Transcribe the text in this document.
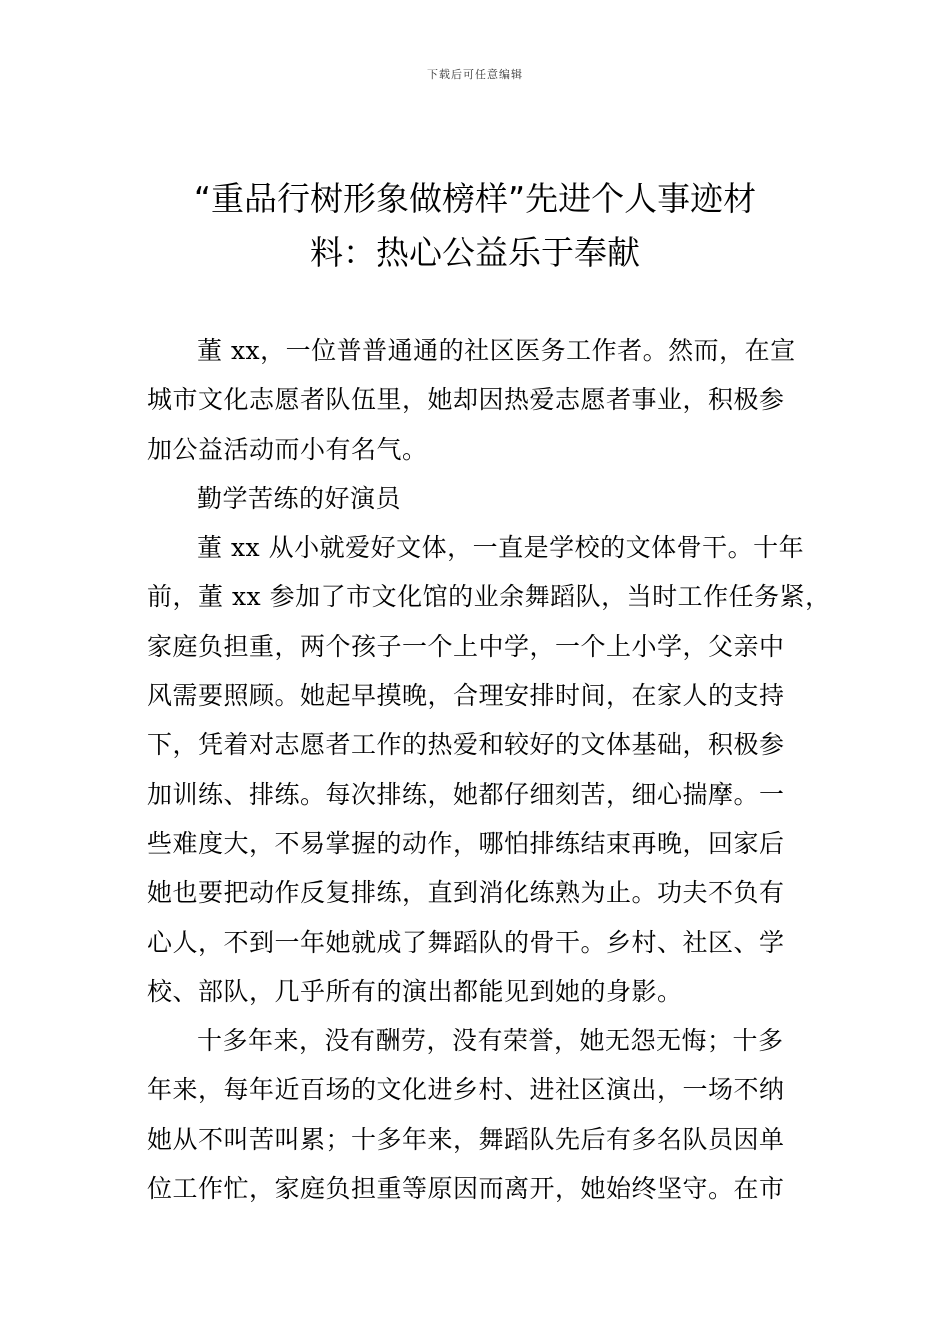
下载后可任意编辑
“重品行树形象做榜样”先进个人事迹材
料：热心公益乐于奉献
董 xx，一位普普通通的社区医务工作者。然而，在宣
城市文化志愿者队伍里，她却因热爱志愿者事业，积极参
加公益活动而小有名气。
勤学苦练的好演员
董 xx 从小就爱好文体，一直是学校的文体骨干。十年
前，董 xx 参加了市文化馆的业余舞蹈队，当时工作任务紧，
家庭负担重，两个孩子一个上中学，一个上小学，父亲中
风需要照顾。她起早摸晚，合理安排时间，在家人的支持
下，凭着对志愿者工作的热爱和较好的文体基础，积极参
加训练、排练。每次排练，她都仔细刻苦，细心揣摩。一
些难度大，不易掌握的动作，哪怕排练结束再晚，回家后
她也要把动作反复排练，直到消化练熟为止。功夫不负有
心人，不到一年她就成了舞蹈队的骨干。乡村、社区、学
校、部队，几乎所有的演出都能见到她的身影。
十多年来，没有酬劳，没有荣誉，她无怨无悔；十多
年来，每年近百场的文化进乡村、进社区演出，一场不纳
她从不叫苦叫累；十多年来，舞蹈队先后有多名队员因单
位工作忙，家庭负担重等原因而离开，她始终坚守。在市
